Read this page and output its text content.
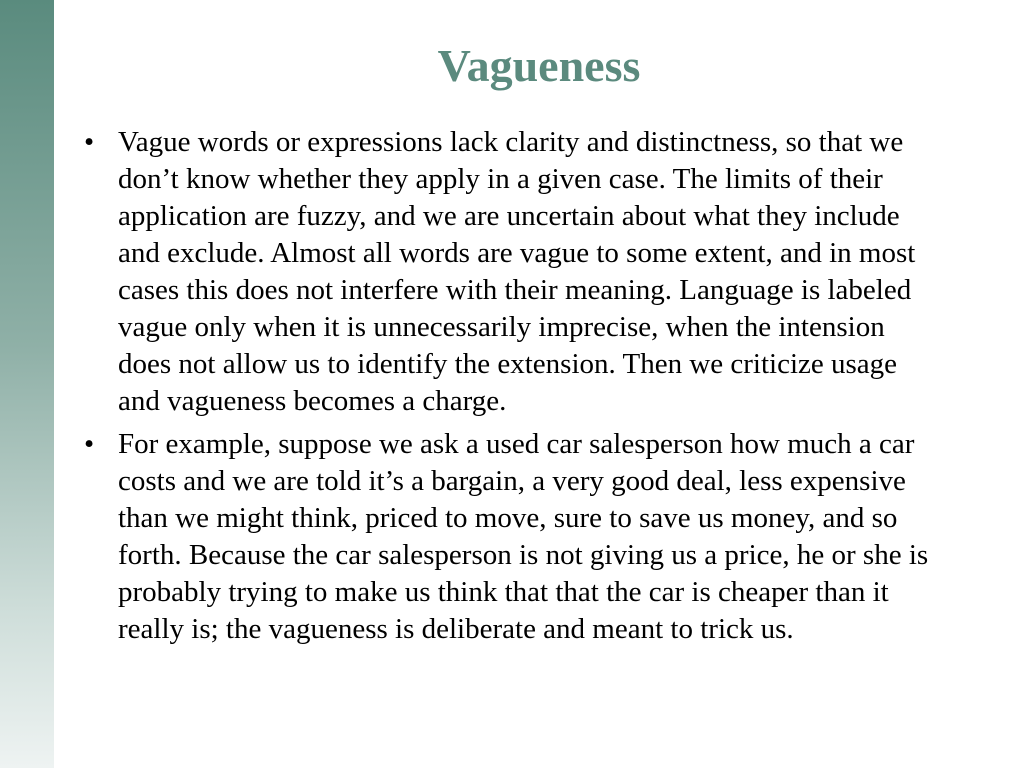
Vagueness
• Vague words or expressions lack clarity and distinctness, so that we don’t know whether they apply in a given case. The limits of their application are fuzzy, and we are uncertain about what they include and exclude. Almost all words are vague to some extent, and in most cases this does not interfere with their meaning. Language is labeled vague only when it is unnecessarily imprecise, when the intension does not allow us to identify the extension. Then we criticize usage and vagueness becomes a charge.
• For example, suppose we ask a used car salesperson how much a car costs and we are told it’s a bargain, a very good deal, less expensive than we might think, priced to move, sure to save us money, and so forth. Because the car salesperson is not giving us a price, he or she is probably trying to make us think that that the car is cheaper than it really is; the vagueness is deliberate and meant to trick us.
